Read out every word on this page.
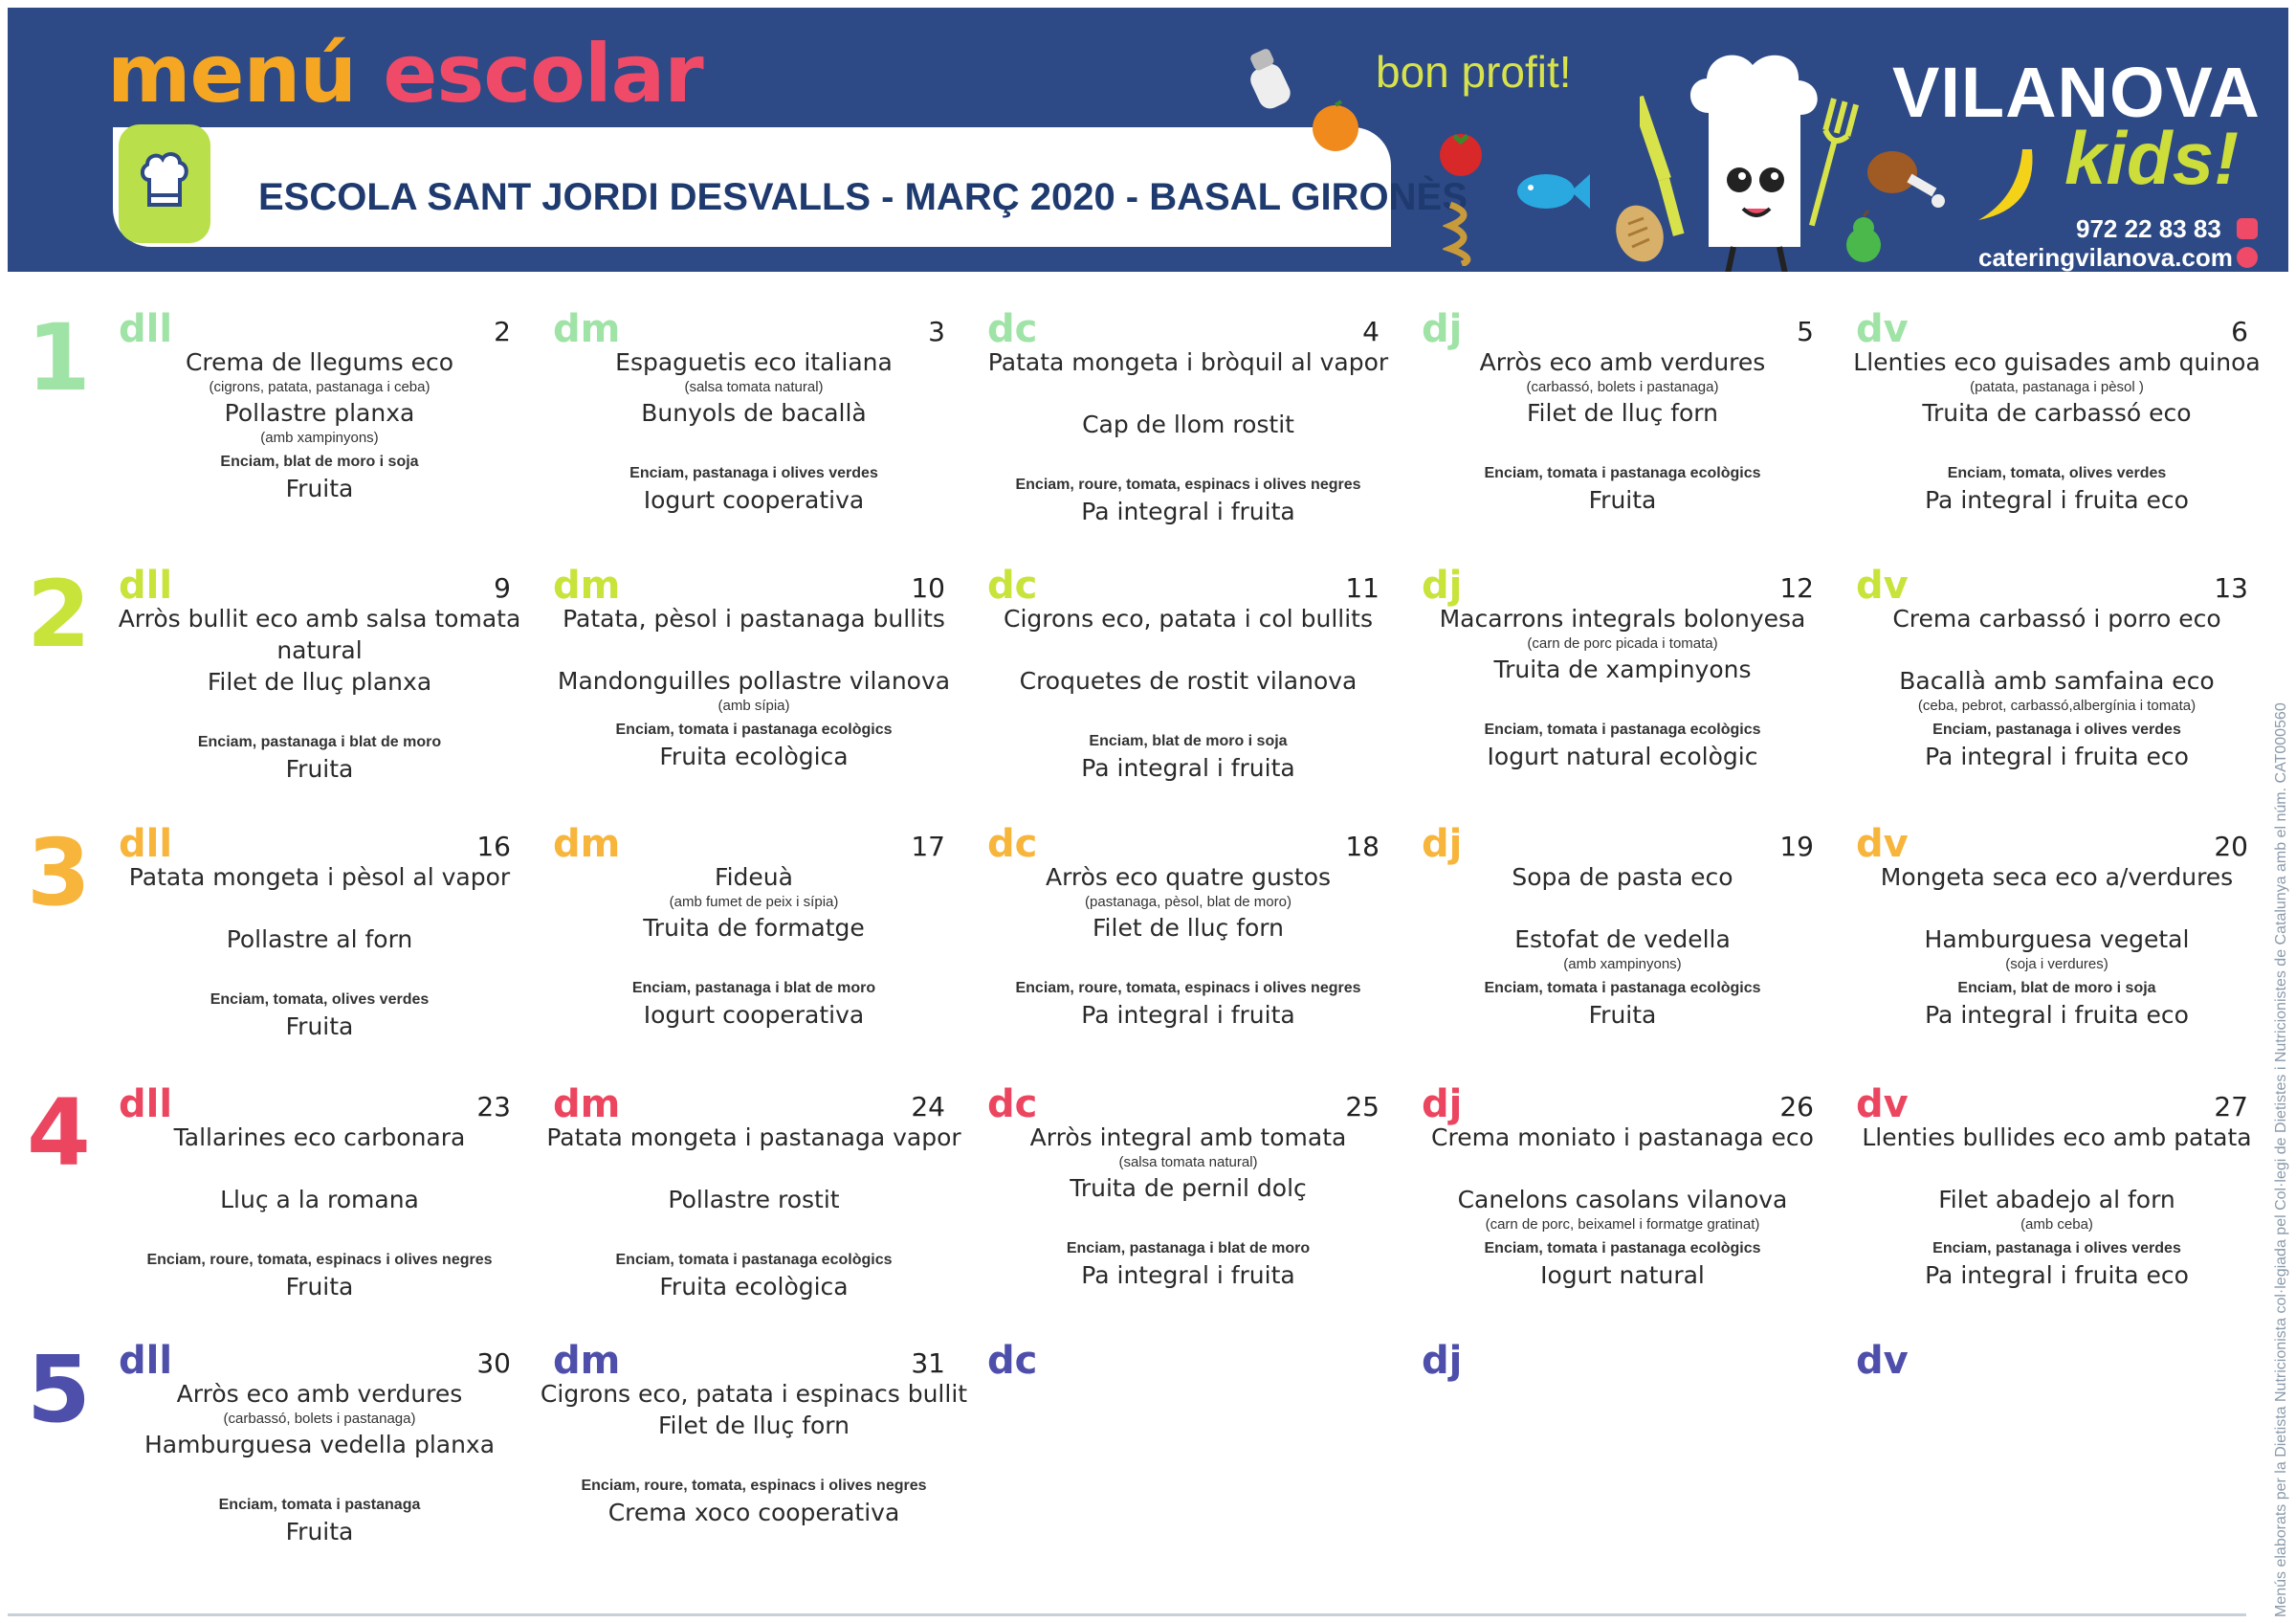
menú escolar
ESCOLA SANT JORDI DESVALLS - MARÇ 2020 - BASAL GIRONÈS
bon profit!	VILANOVA
kids!
972 22 83 83
cateringvilanova.com
1 dll	2
Crema de llegums eco
(cigrons, patata, pastanaga i ceba)
Pollastre planxa
(amb xampinyons)
Enciam, blat de moro i soja
Fruita
dm	3
Espaguetis eco italiana
(salsa tomata natural)
Bunyols de bacallà
Enciam, pastanaga i olives verdes
Iogurt cooperativa
dc	4
Patata mongeta i bròquil al vapor
Cap de llom rostit
Enciam, roure, tomata, espinacs i olives negres
Pa integral i fruita
dj	5
Arròs eco amb verdures
(carbassó, bolets i pastanaga)
Filet de lluç forn
Enciam, tomata i pastanaga ecològics
Fruita
dv	6
Llenties eco guisades amb quinoa
(patata, pastanaga i pèsol )
Truita de carbassó eco
Enciam, tomata, olives verdes
Pa integral i fruita eco
2 dll	9
Arròs bullit eco amb salsa tomata natural
Filet de lluç planxa
Enciam, pastanaga i blat de moro
Fruita
dm	10
Patata, pèsol i pastanaga bullits
Mandonguilles pollastre vilanova
(amb sípia)
Enciam, tomata i pastanaga ecològics
Fruita ecològica
dc	11
Cigrons eco, patata i col bullits
Croquetes de rostit vilanova
Enciam, blat de moro i soja
Pa integral i fruita
dj	12
Macarrons integrals bolonyesa
(carn de porc picada i tomata)
Truita de xampinyons
Enciam, tomata i pastanaga ecològics
Iogurt natural ecològic
dv	13
Crema carbassó i porro eco
Bacallà amb samfaina eco
(ceba, pebrot, carbassó,albergínia i tomata)
Enciam, pastanaga i olives verdes
Pa integral i fruita eco
3 dll	16
Patata mongeta i pèsol al vapor
Pollastre al forn
Enciam, tomata, olives verdes
Fruita
dm	17
Fideuà
(amb fumet de peix i sípia)
Truita de formatge
Enciam, pastanaga i blat de moro
Iogurt cooperativa
dc	18
Arròs eco quatre gustos
(pastanaga, pèsol, blat de moro)
Filet de lluç forn
Enciam, roure, tomata, espinacs i olives negres
Pa integral i fruita
dj	19
Sopa de pasta eco
Estofat de vedella
(amb xampinyons)
Enciam, tomata i pastanaga ecològics
Fruita
dv	20
Mongeta seca eco a/verdures
Hamburguesa vegetal
(soja i verdures)
Enciam, blat de moro i soja
Pa integral i fruita eco
4 dll	23
Tallarines eco carbonara
Lluç a la romana
Enciam, roure, tomata, espinacs i olives negres
Fruita
dm	24
Patata mongeta i pastanaga vapor
Pollastre rostit
Enciam, tomata i pastanaga ecològics
Fruita ecològica
dc	25
Arròs integral amb tomata
(salsa tomata natural)
Truita de pernil dolç
Enciam, pastanaga i blat de moro
Pa integral i fruita
dj	26
Crema moniato i pastanaga eco
Canelons casolans vilanova
(carn de porc, beixamel i formatge gratinat)
Enciam, tomata i pastanaga ecològics
Iogurt natural
dv	27
Llenties bullides eco amb patata
Filet abadejo al forn
(amb ceba)
Enciam, pastanaga i olives verdes
Pa integral i fruita eco
5 dll	30
Arròs eco amb verdures
(carbassó, bolets i pastanaga)
Hamburguesa vedella planxa
Enciam, tomata i pastanaga
Fruita
dm	31
Cigrons eco, patata i espinacs bullit
Filet de lluç forn
Enciam, roure, tomata, espinacs i olives negres
Crema xoco cooperativa
dc	dj	dv	Menús elaborats per la Dietista Nutricionista col·legiada pel Col·legi de Dietistes i Nutricionistes de Catalunya amb el núm. CAT000560
